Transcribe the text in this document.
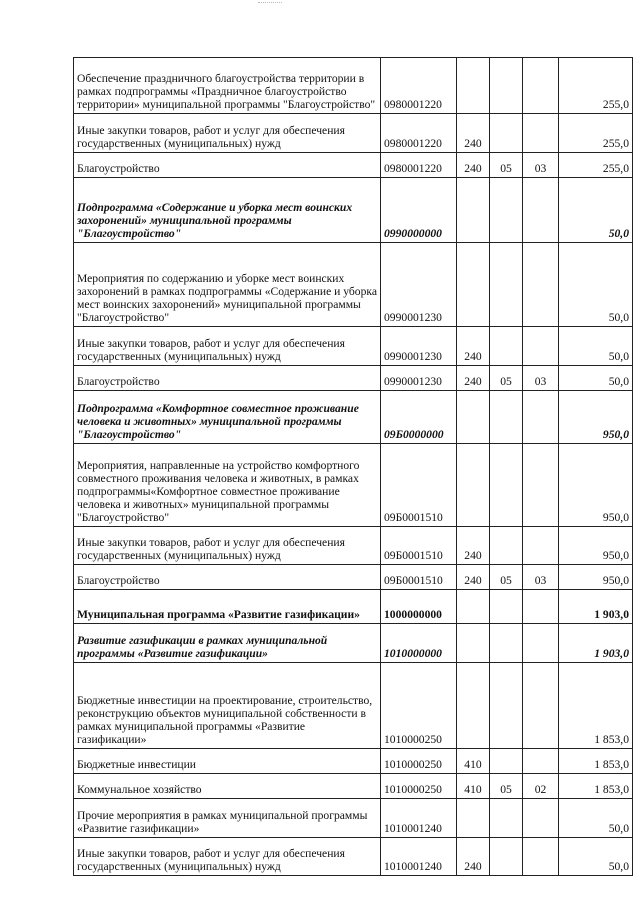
Обеспечение праздничного благоустройства территории в рамках подпрограммы «Праздничное благоустройство территории» муниципальной программы "Благоустройство"	0980001220				255,0
Иные закупки товаров, работ и услуг для обеспечения государственных (муниципальных) нужд	0980001220	240			255,0
Благоустройство	0980001220	240	05	03	255,0
Подпрограмма «Содержание и уборка мест воинских захоронений» муниципальной программы "Благоустройство"	0990000000				50,0
Мероприятия по содержанию и уборке мест воинских захоронений в рамках подпрограммы «Содержание и уборка мест воинских захоронений» муниципальной программы "Благоустройство"	0990001230				50,0
Иные закупки товаров, работ и услуг для обеспечения государственных (муниципальных) нужд	0990001230	240			50,0
Благоустройство	0990001230	240	05	03	50,0
Подпрограмма «Комфортное совместное проживание человека и животных» муниципальной программы "Благоустройство"	09Б0000000				950,0
Мероприятия, направленные на устройство комфортного совместного проживания человека и животных, в рамках подпрограммы«Комфортное совместное проживание человека и животных» муниципальной программы "Благоустройство"	09Б0001510				950,0
Иные закупки товаров, работ и услуг для обеспечения государственных (муниципальных) нужд	09Б0001510	240			950,0
Благоустройство	09Б0001510	240	05	03	950,0
Муниципальная программа «Развитие газификации»	1000000000				1 903,0
Развитие газификации в рамках муниципальной программы «Развитие газификации»	1010000000				1 903,0
Бюджетные инвестиции на проектирование, строительство, реконструкцию объектов муниципальной собственности в рамках муниципальной программы «Развитие газификации»	1010000250				1 853,0
Бюджетные инвестиции	1010000250	410			1 853,0
Коммунальное хозяйство	1010000250	410	05	02	1 853,0
Прочие мероприятия в рамках муниципальной программы «Развитие газификации»	1010001240				50,0
Иные закупки товаров, работ и услуг для обеспечения государственных (муниципальных) нужд	1010001240	240			50,0
